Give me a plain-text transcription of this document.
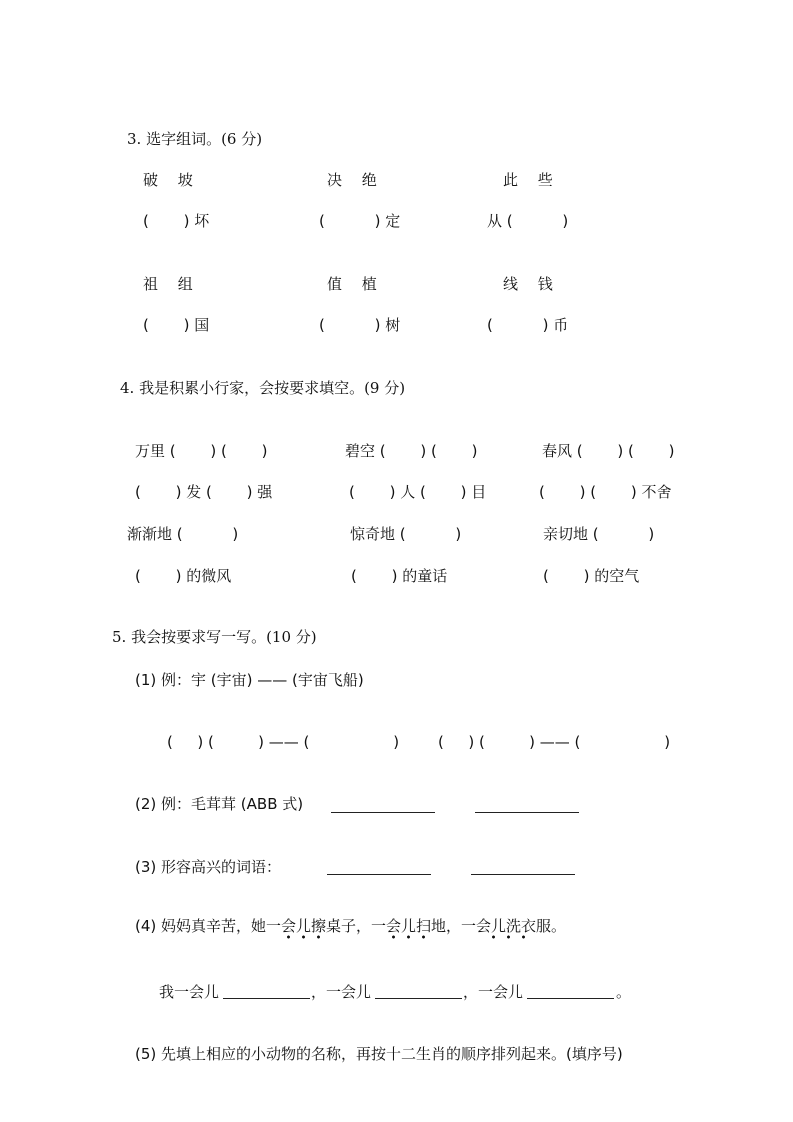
3. 选字组词。(6 分)
破　 坡	决　 绝	此　 些
(　　 ) 坏	(　　　 ) 定	从 (　　　 )
祖　 组	值　 植	线　 钱
(　　 ) 国	(　　　 ) 树	(　　　 ) 币
4. 我是积累小行家，会按要求填空。(9 分)
万里 (　　 ) (　　 )	碧空 (　　 ) (　　 )	春风 (　　 ) (　　 )
(　　 ) 发 (　　 ) 强	(　　 ) 人 (　　 ) 目	(　　 ) (　　 ) 不舍
渐渐地 (　　　 )	惊奇地 (　　　 )	亲切地 (　　　 )
(　　 ) 的微风	(　　 ) 的童话	(　　 ) 的空气
5. 我会按要求写一写。(10 分)
(1) 例：宇 (宇宙) —— (宇宙飞船)
( 　 ) ( 　 　 ) —— ( 　 　 　 　 )	( 　 ) ( 　 　 ) —— ( 　 　 　 　 )
(2) 例：毛茸茸 (ABB 式)
(3) 形容高兴的词语：
(4) 妈妈真辛苦，她一会儿擦桌子，一会儿扫地，一会儿洗衣服。
我一会儿	，一会儿	，一会儿	。
(5) 先填上相应的小动物的名称，再按十二生肖的顺序排列起来。(填序号)
